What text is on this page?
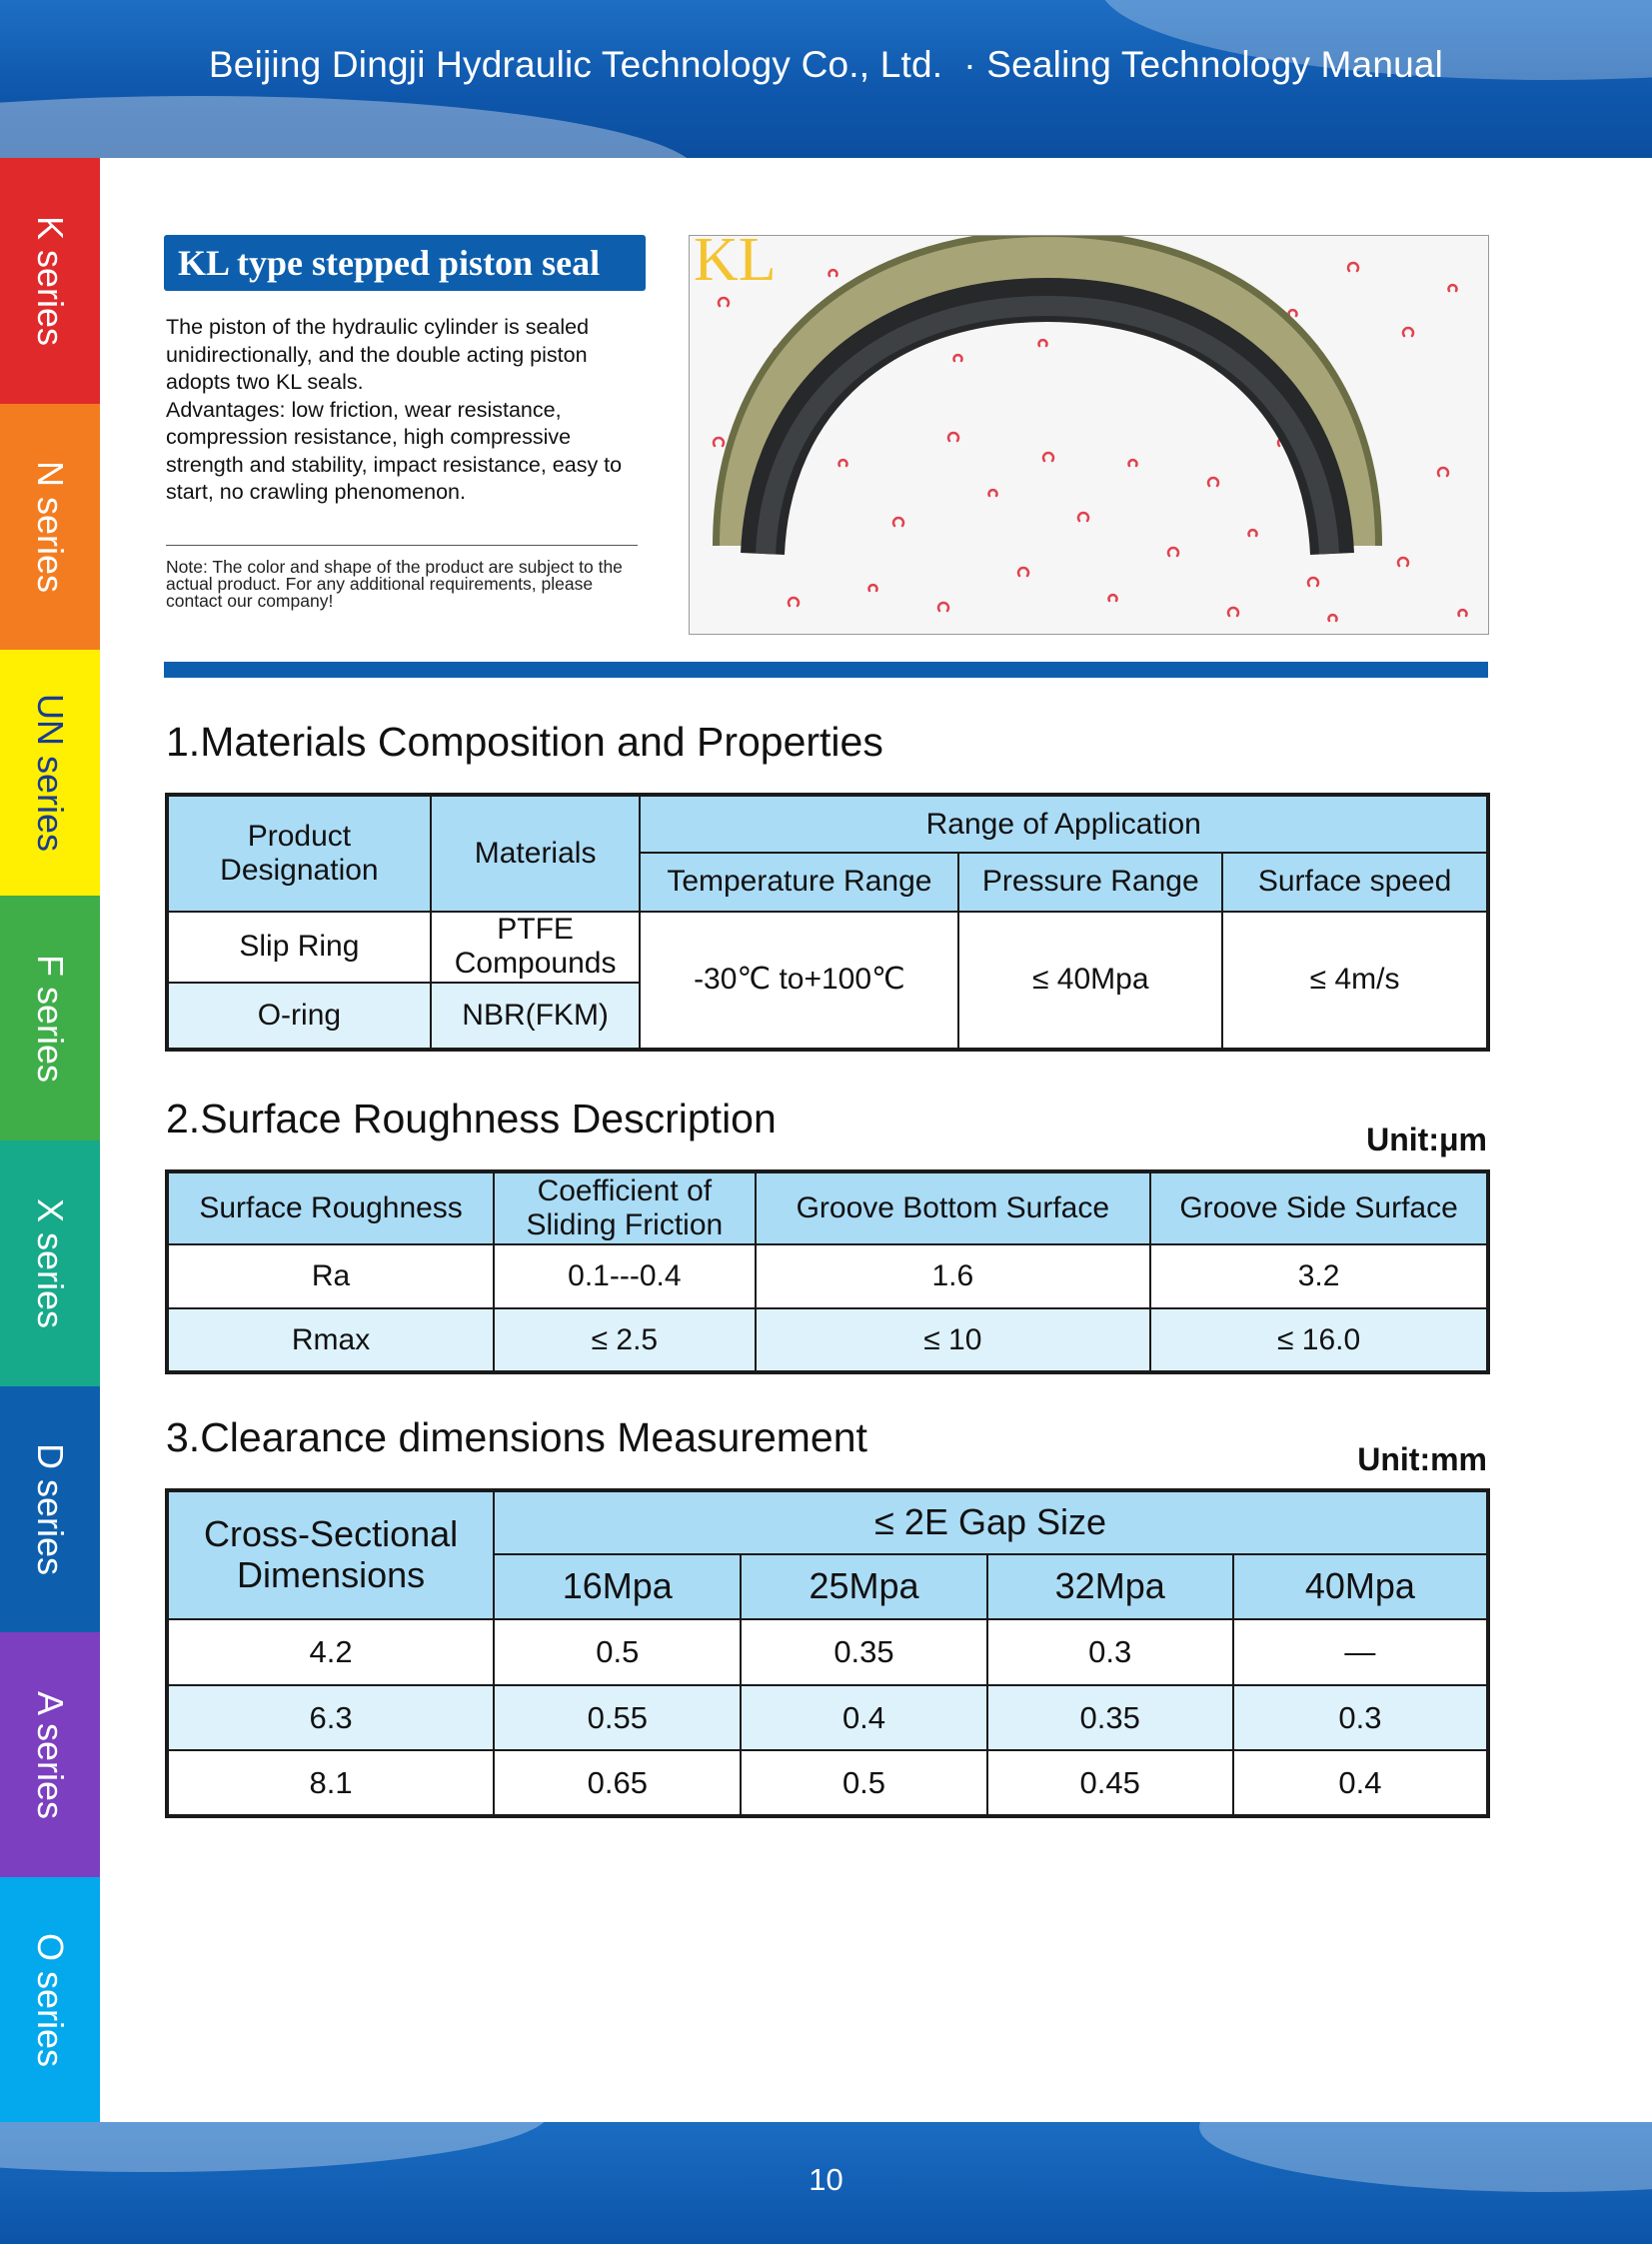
Beijing Dingji Hydraulic Technology Co., Ltd. · Sealing Technology Manual
K series
N series
UN series
F series
X series
D series
A series
O series
KL type stepped piston seal
The piston of the hydraulic cylinder is sealed unidirectionally, and the double acting piston adopts two KL seals.
Advantages: low friction, wear resistance, compression resistance, high compressive strength and stability, impact resistance, easy to start, no crawling phenomenon.
Note: The color and shape of the product are subject to the actual product. For any additional requirements, please contact our company!
KL
1.Materials Composition and Properties
Product Designation	Materials	Range of Application		
		Temperature Range	Pressure Range	Surface speed
Slip Ring	PTFE Compounds	-30℃ to+100℃	≤ 40Mpa	≤ 4m/s
O-ring	NBR(FKM)			
2.Surface Roughness Description	Unit:μm
Surface Roughness	Coefficient of Sliding Friction	Groove Bottom Surface	Groove Side Surface
Ra	0.1---0.4	1.6	3.2
Rmax	≤ 2.5	≤ 10	≤ 16.0
3.Clearance dimensions Measurement	Unit:mm
Cross-Sectional Dimensions	≤ 2E Gap Size			
	16Mpa	25Mpa	32Mpa	40Mpa
4.2	0.5	0.35	0.3	—
6.3	0.55	0.4	0.35	0.3
8.1	0.65	0.5	0.45	0.4
10
